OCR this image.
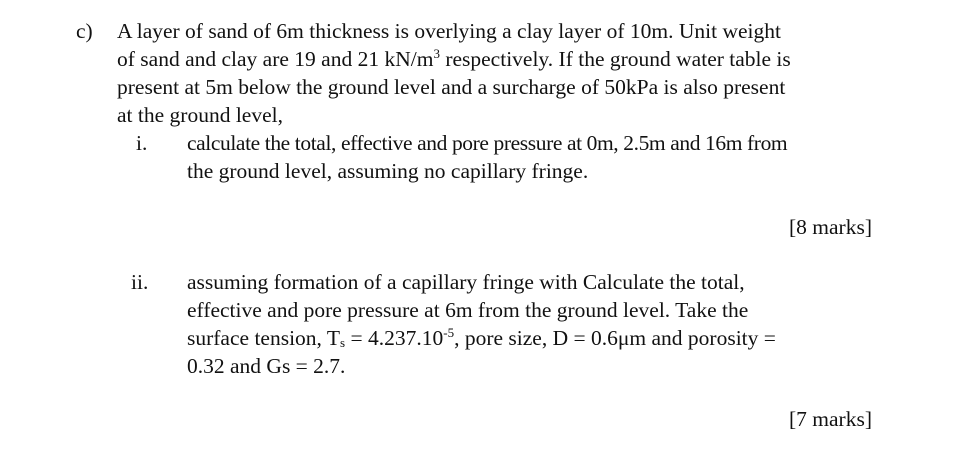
c) A layer of sand of 6m thickness is overlying a clay layer of 10m. Unit weight
of sand and clay are 19 and 21 $kN/m^3$ respectively. If the ground water table is
present at 5m below the ground level and a surcharge of 50kPa is also present
at the ground level,
i. calculate the total, effective and pore pressure at 0m, 2.5m and 16m from
the ground level, assuming no capillary fringe.
[8 marks]
ii. assuming formation of a capillary fringe with Calculate the total,
effective and pore pressure at 6m from the ground level. Take the
surface tension, $T_s = 4.237.10^{-5}$, pore size, D = 0.6μm and porosity =
0.32 and Gs = 2.7.
[7 marks]
